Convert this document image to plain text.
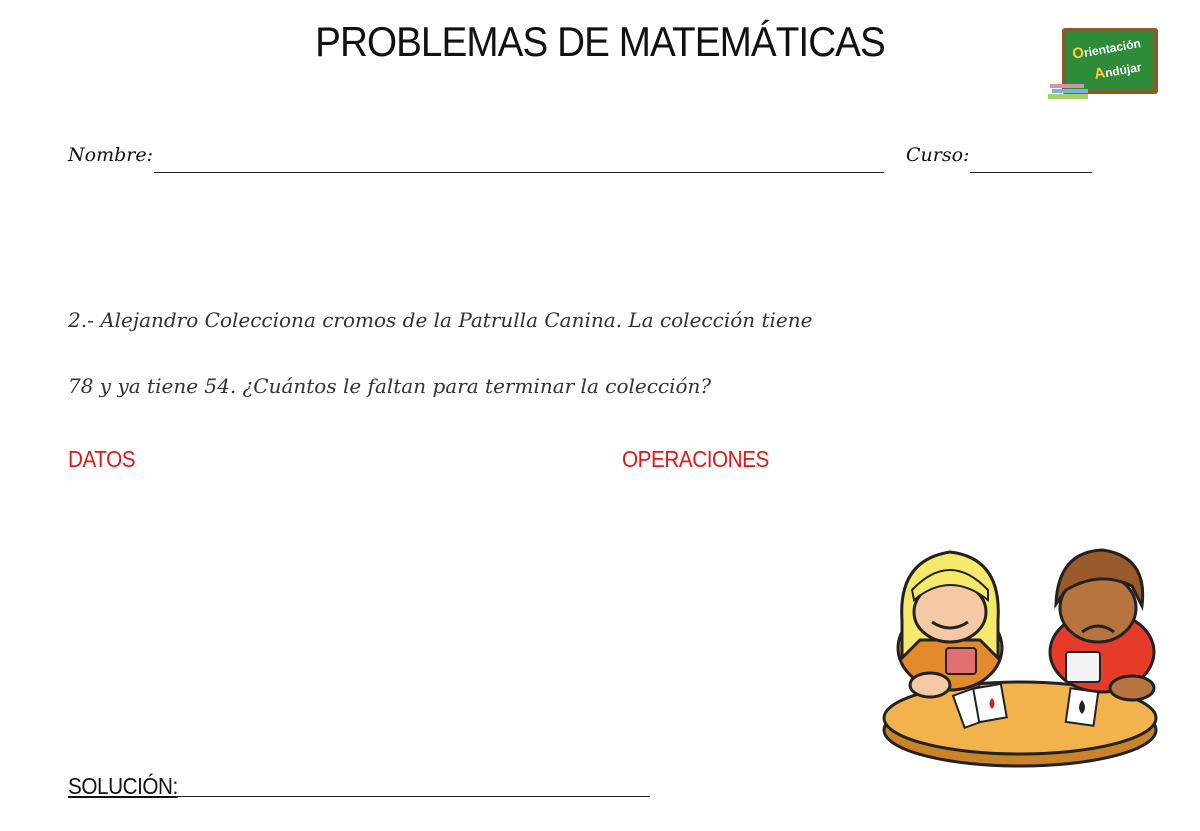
PROBLEMAS DE MATEMÁTICAS	Orientación
Andújar
Nombre:	Curso:
2.- Alejandro Colecciona cromos de la Patrulla Canina. La colección tiene
78 y ya tiene 54. ¿Cuántos le faltan para terminar la colección?
DATOS	OPERACIONES
SOLUCIÓN:
